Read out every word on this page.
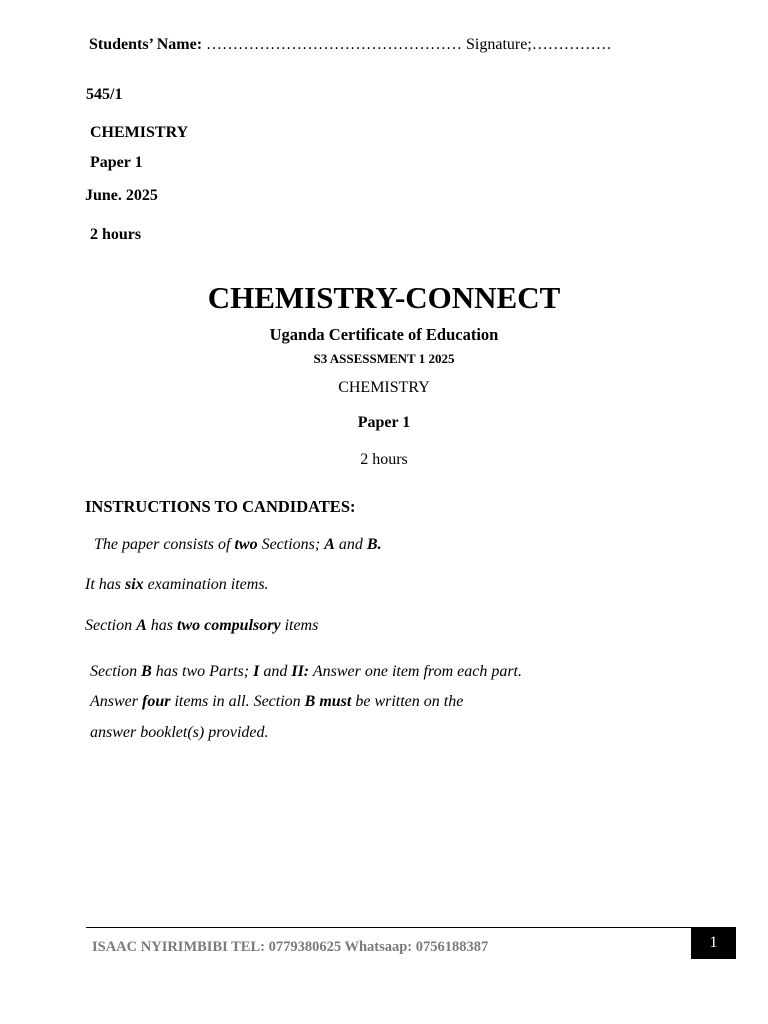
Students’ Name: ………………………………………… Signature;……………
545/1
CHEMISTRY
Paper 1
June. 2025
2 hours
CHEMISTRY-CONNECT
Uganda Certificate of Education
S3 ASSESSMENT 1 2025
CHEMISTRY
Paper 1
2 hours
INSTRUCTIONS TO CANDIDATES:
The paper consists of two Sections; A and B.
It has six examination items.
Section A has two compulsory items
Section B has two Parts; I and II: Answer one item from each part.
Answer four items in all. Section B must be written on the
answer booklet(s) provided.
ISAAC NYIRIMBIBI TEL: 0779380625 Whatsaap: 0756188387	1
